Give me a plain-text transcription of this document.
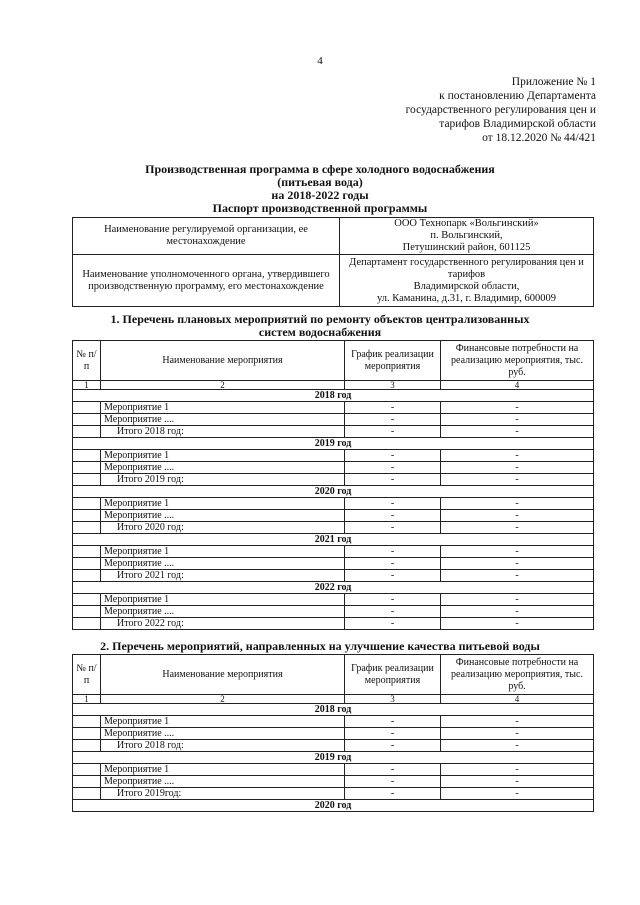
4
Приложение № 1
к постановлению Департамента
государственного регулирования цен и
тарифов Владимирской области
от 18.12.2020 № 44/421
Производственная программа в сфере холодного водоснабжения
(питьевая вода)
на 2018-2022 годы
Паспорт производственной программы
Наименование регулируемой организации, ее местонахождение	ООО Технопарк «Вольгинский»
п. Вольгинский,
Петушинский район, 601125

Наименование уполномоченного органа, утвердившего производственную программу, его местонахождение	Департамент государственного регулирования цен и тарифов
Владимирской области,
ул. Каманина, д.31, г. Владимир, 600009
1. Перечень плановых мероприятий по ремонту объектов централизованных
систем водоснабжения
№ п/п	Наименование мероприятия	График реализации мероприятия	Финансовые потребности на реализацию мероприятия, тыс. руб.
1	2	3	4
2018 год			
	Мероприятие 1	-	-
	Мероприятие ....	-	-
	Итого 2018 год:	-	-
2019 год			
	Мероприятие 1	-	-
	Мероприятие ....	-	-
	Итого 2019 год:	-	-
2020 год			
	Мероприятие 1	-	-
	Мероприятие ....	-	-
	Итого 2020 год:	-	-
2021 год			
	Мероприятие 1	-	-
	Мероприятие ....	-	-
	Итого 2021 год:	-	-
2022 год			
	Мероприятие 1	-	-
	Мероприятие ....	-	-
	Итого 2022 год:	-	-
2. Перечень мероприятий, направленных на улучшение качества питьевой воды
№ п/п	Наименование мероприятия	График реализации мероприятия	Финансовые потребности на реализацию мероприятия, тыс. руб.
1	2	3	4
2018 год			
	Мероприятие 1	-	-
	Мероприятие ....	-	-
	Итого 2018 год:	-	-
2019 год			
	Мероприятие 1	-	-
	Мероприятие ....	-	-
	Итого 2019год:	-	-
2020 год			
